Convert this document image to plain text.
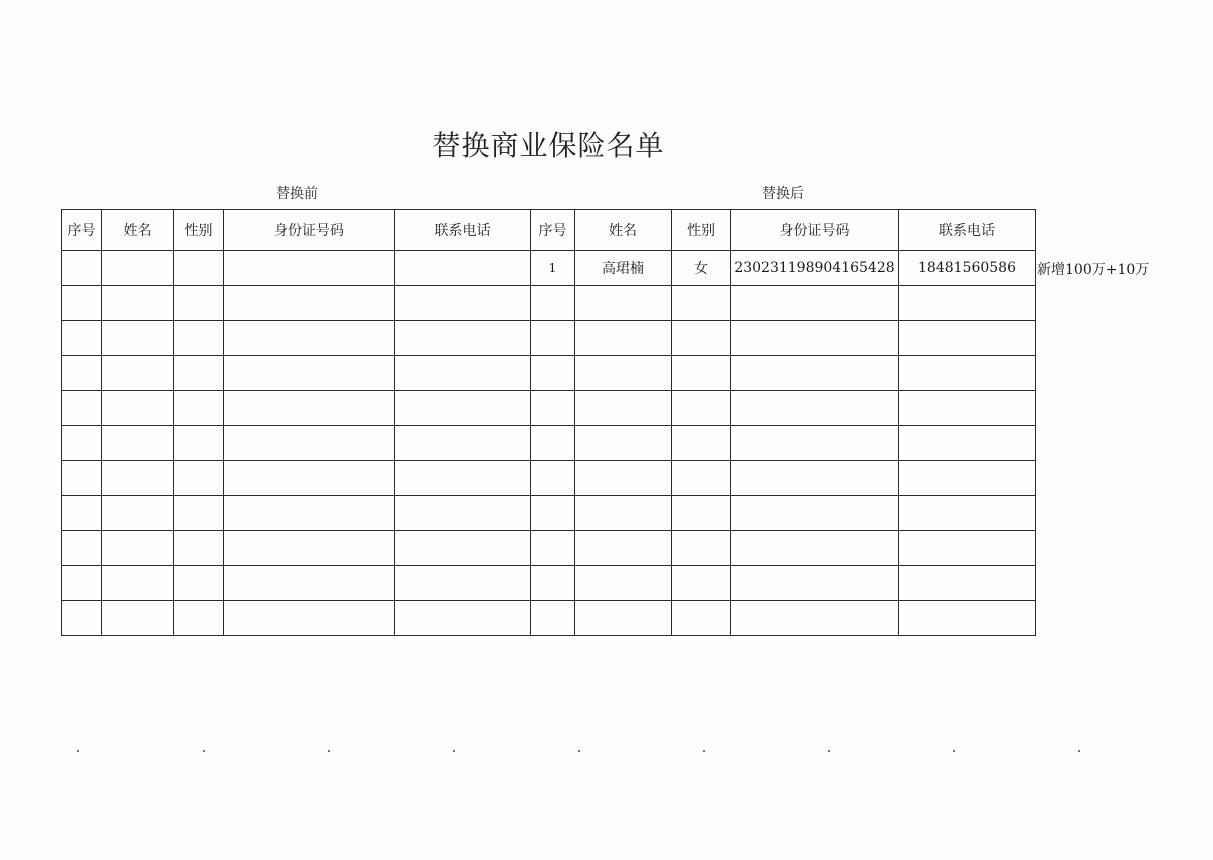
替换商业保险名单
替换前	替换后
序号	姓名	性别	身份证号码	联系电话	序号	姓名	性别	身份证号码	联系电话
					1	高珺楠	女	230231198904165428	18481560586

									新增100万+10万
